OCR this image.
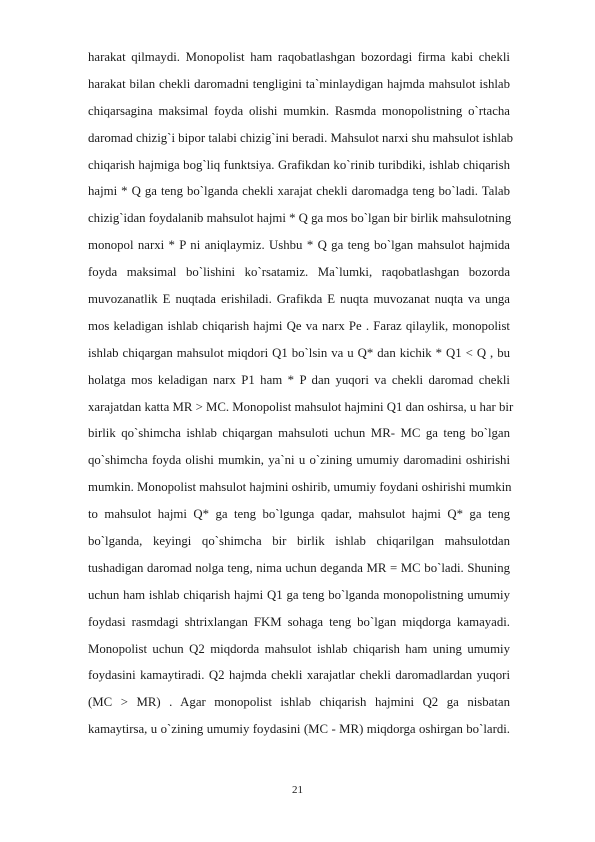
harakat qilmaydi. Monopolist ham raqobatlashgan bozordagi firma kabi chekli
harakat bilan chekli daromadni tengligini ta`minlaydigan hajmda mahsulot ishlab
chiqarsagina maksimal foyda olishi mumkin. Rasmda monopolistning o`rtacha
daromad chizig`i bipor talabi chizig`ini beradi. Mahsulot narxi shu mahsulot ishlab
chiqarish hajmiga bog`liq funktsiya. Grafikdan ko`rinib turibdiki, ishlab chiqarish
hajmi * Q ga teng bo`lganda chekli xarajat chekli daromadga teng bo`ladi. Talab
chizig`idan foydalanib mahsulot hajmi * Q ga mos bo`lgan bir birlik mahsulotning
monopol narxi * P ni aniqlaymiz. Ushbu * Q ga teng bo`lgan mahsulot hajmida
foyda maksimal bo`lishini ko`rsatamiz. Ma`lumki, raqobatlashgan bozorda
muvozanatlik E nuqtada erishiladi. Grafikda E nuqta muvozanat nuqta va unga
mos keladigan ishlab chiqarish hajmi Qe va narx Pe . Faraz qilaylik, monopolist
ishlab chiqargan mahsulot miqdori Q1 bo`lsin va u Q* dan kichik * Q1 < Q , bu
holatga mos keladigan narx P1 ham * P dan yuqori va chekli daromad chekli
xarajatdan katta MR > MC. Monopolist mahsulot hajmini Q1 dan oshirsa, u har bir
birlik qo`shimcha ishlab chiqargan mahsuloti uchun MR- MC ga teng bo`lgan
qo`shimcha foyda olishi mumkin, ya`ni u o`zining umumiy daromadini oshirishi
mumkin. Monopolist mahsulot hajmini oshirib, umumiy foydani oshirishi mumkin
to mahsulot hajmi Q* ga teng bo`lgunga qadar, mahsulot hajmi Q* ga teng
bo`lganda, keyingi qo`shimcha bir birlik ishlab chiqarilgan mahsulotdan
tushadigan daromad nolga teng, nima uchun deganda MR = MC bo`ladi. Shuning
uchun ham ishlab chiqarish hajmi Q1 ga teng bo`lganda monopolistning umumiy
foydasi rasmdagi shtrixlangan FKM sohaga teng bo`lgan miqdorga kamayadi.
Monopolist uchun Q2 miqdorda mahsulot ishlab chiqarish ham uning umumiy
foydasini kamaytiradi. Q2 hajmda chekli xarajatlar chekli daromadlardan yuqori
(MC > MR) . Agar monopolist ishlab chiqarish hajmini Q2 ga nisbatan
kamaytirsa, u o`zining umumiy foydasini (MC - MR) miqdorga oshirgan bo`lardi.
21
